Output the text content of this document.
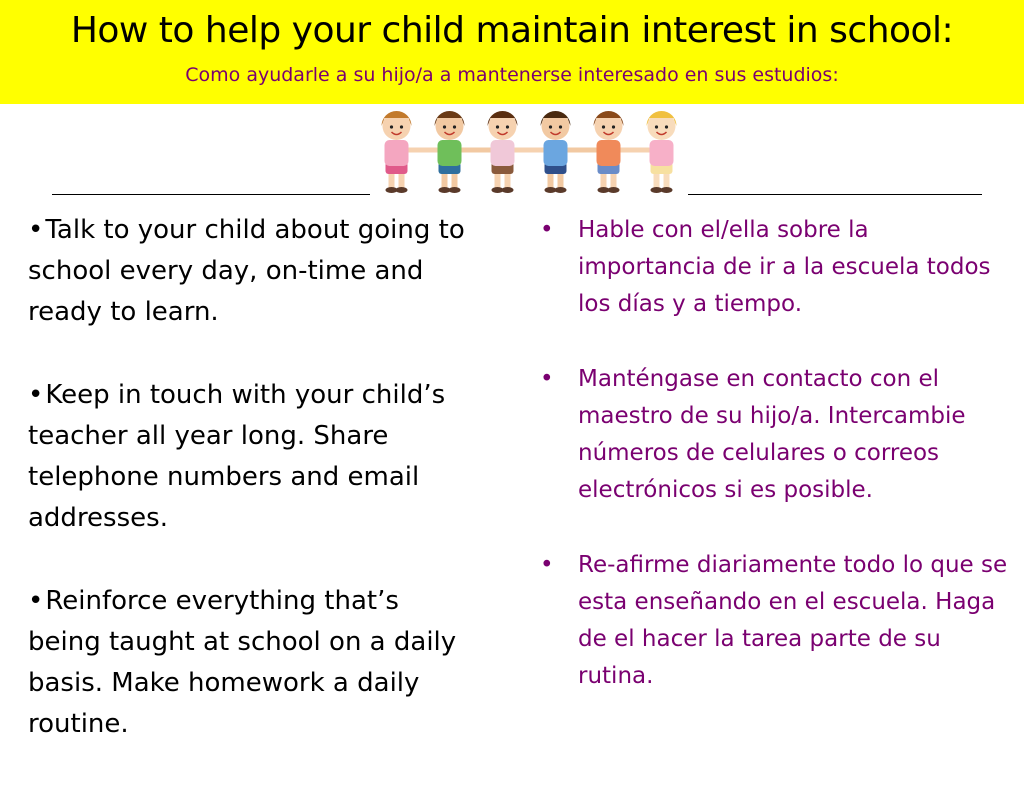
How to help your child maintain interest in school:
Como ayudarle a su hijo/a a mantenerse interesado en sus estudios:
•Talk to your child about going to school every day, on-time and ready to learn.
•Keep in touch with your child’s teacher all year long. Share telephone numbers and email addresses.
•Reinforce everything that’s being taught at school on a daily basis. Make homework a daily routine.
• Hable con el/ella sobre la importancia de ir a la escuela todos los días y a tiempo.
• Manténgase en contacto con el maestro de su hijo/a. Intercambie números de celulares o correos electrónicos si es posible.
• Re-afirme diariamente todo lo que se esta enseñando en el escuela. Haga de el hacer la tarea parte de su rutina.
